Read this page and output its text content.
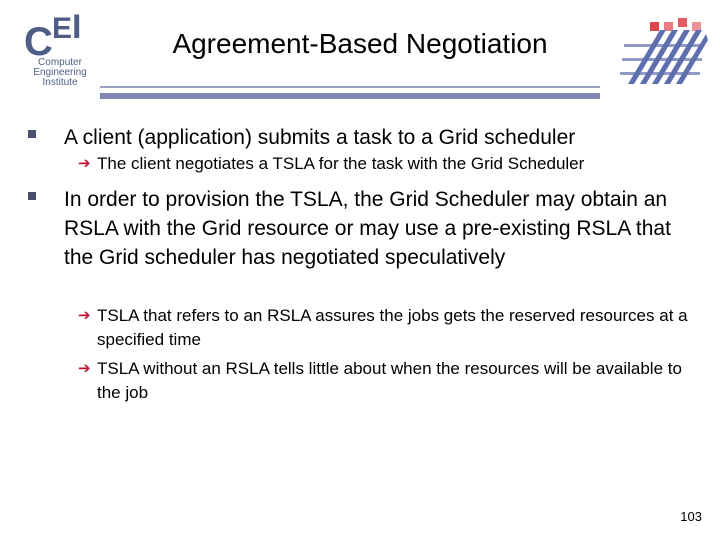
C E I
Computer
Engineering
Institute
Agreement-Based Negotiation
A client (application) submits a task to a Grid scheduler
➔ The client negotiates a TSLA for the task with the Grid Scheduler
In order to provision the TSLA, the Grid Scheduler may obtain an RSLA with the Grid resource or may use a pre-existing RSLA that the Grid scheduler has negotiated speculatively
➔ TSLA that refers to an RSLA assures the jobs gets the reserved resources at a specified time
➔ TSLA without an RSLA tells little about when the resources will be available to the job
103
